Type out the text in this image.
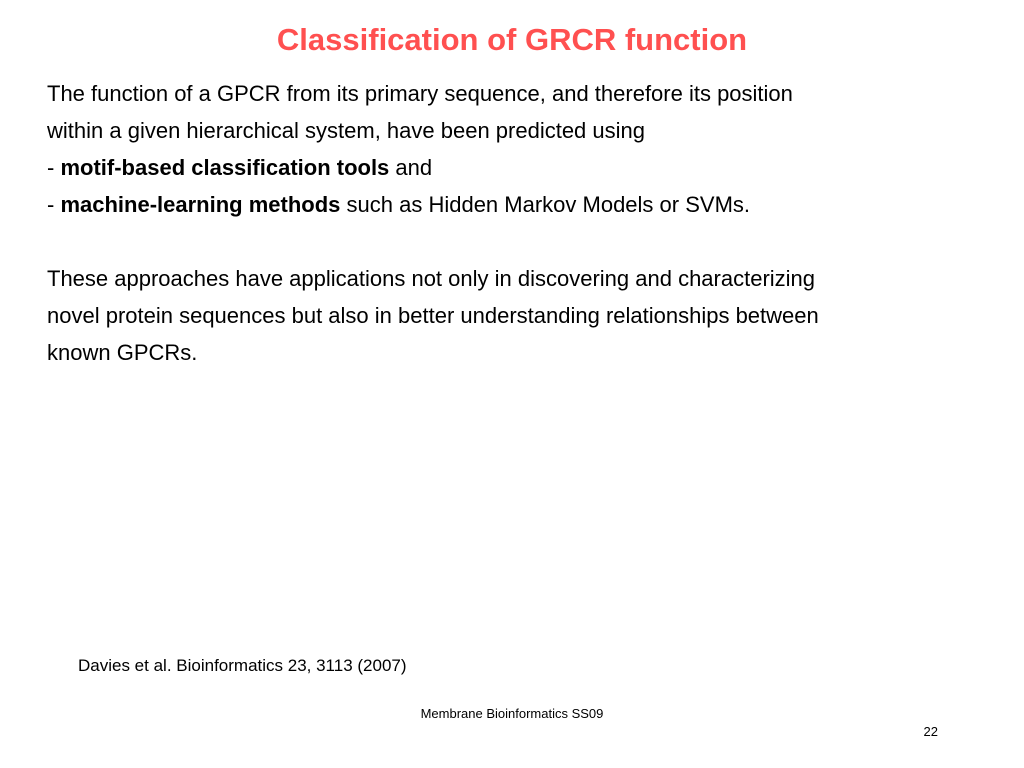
Classification of GRCR function

The function of a GPCR from its primary sequence, and therefore its position

within a given hierarchical system, have been predicted using

- motif-based classification tools and

- machine-learning methods such as Hidden Markov Models or SVMs.

These approaches have applications not only in discovering and characterizing

novel protein sequences but also in better understanding relationships between

known GPCRs.

Davies et al. Bioinformatics 23, 3113 (2007)
Membrane Bioinformatics SS09
22
